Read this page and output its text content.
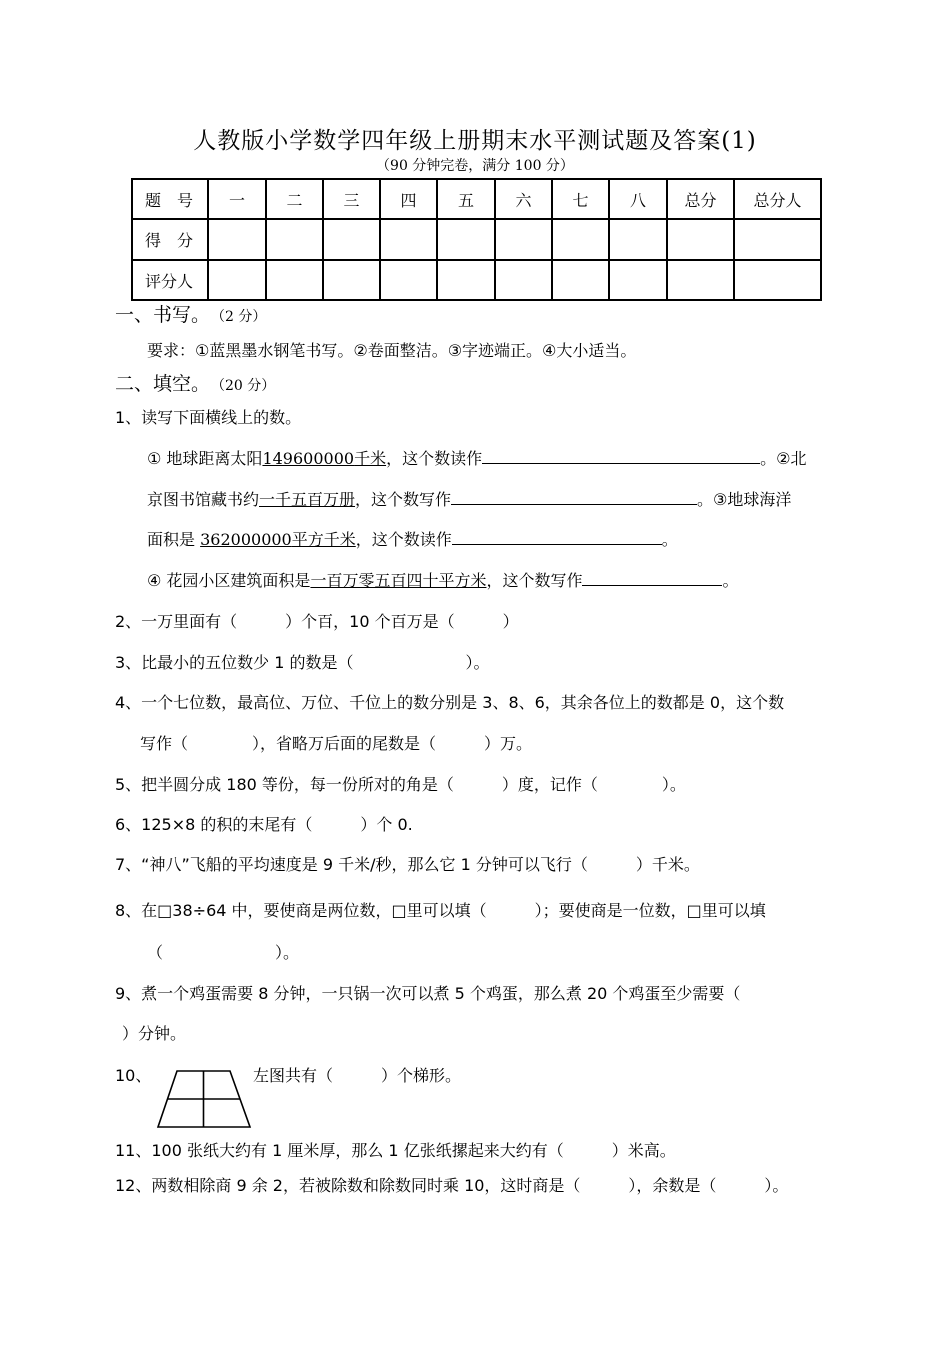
人教版小学数学四年级上册期末水平测试题及答案(1)
（90 分钟完卷，满分 100 分）
题　号	一	二	三	四	五	六	七	八	总分	总分人
得　分										
评分人										
一、书写。 （2 分）
要求：①蓝黑墨水钢笔书写。②卷面整洁。③字迹端正。④大小适当。
二、填空。 （20 分）
1、读写下面横线上的数。
① 地球距离太阳149600000千米，这个数读作	。②北
京图书馆藏书约一千五百万册，这个数写作	。③地球海洋
面积是 362000000平方千米，这个数读作	。
④ 花园小区建筑面积是一百万零五百四十平方米，这个数写作	。
2、一万里面有（　　　）个百，10 个百万是（　　　）
3、比最小的五位数少 1 的数是（　　　　　　　）。
4、一个七位数，最高位、万位、千位上的数分别是 3、8、6，其余各位上的数都是 0，这个数
写作（　　　　），省略万后面的尾数是（　　　）万。
5、把半圆分成 180 等份，每一份所对的角是（　　　）度，记作（　　　　）。
6、125×8 的积的末尾有（　　　）个 0.
7、“神八”飞船的平均速度是 9 千米/秒，那么它 1 分钟可以飞行（　　　）千米。
8、在□38÷64 中，要使商是两位数，□里可以填（　　　）；要使商是一位数，□里可以填
（　　　　　　　）。
9、煮一个鸡蛋需要 8 分钟，一只锅一次可以煮 5 个鸡蛋，那么煮 20 个鸡蛋至少需要（
）分钟。
10、	左图共有（　　　）个梯形。
11、100 张纸大约有 1 厘米厚，那么 1 亿张纸摞起来大约有（　　　）米高。
12、两数相除商 9 余 2，若被除数和除数同时乘 10，这时商是（　　　），余数是（　　　）。
